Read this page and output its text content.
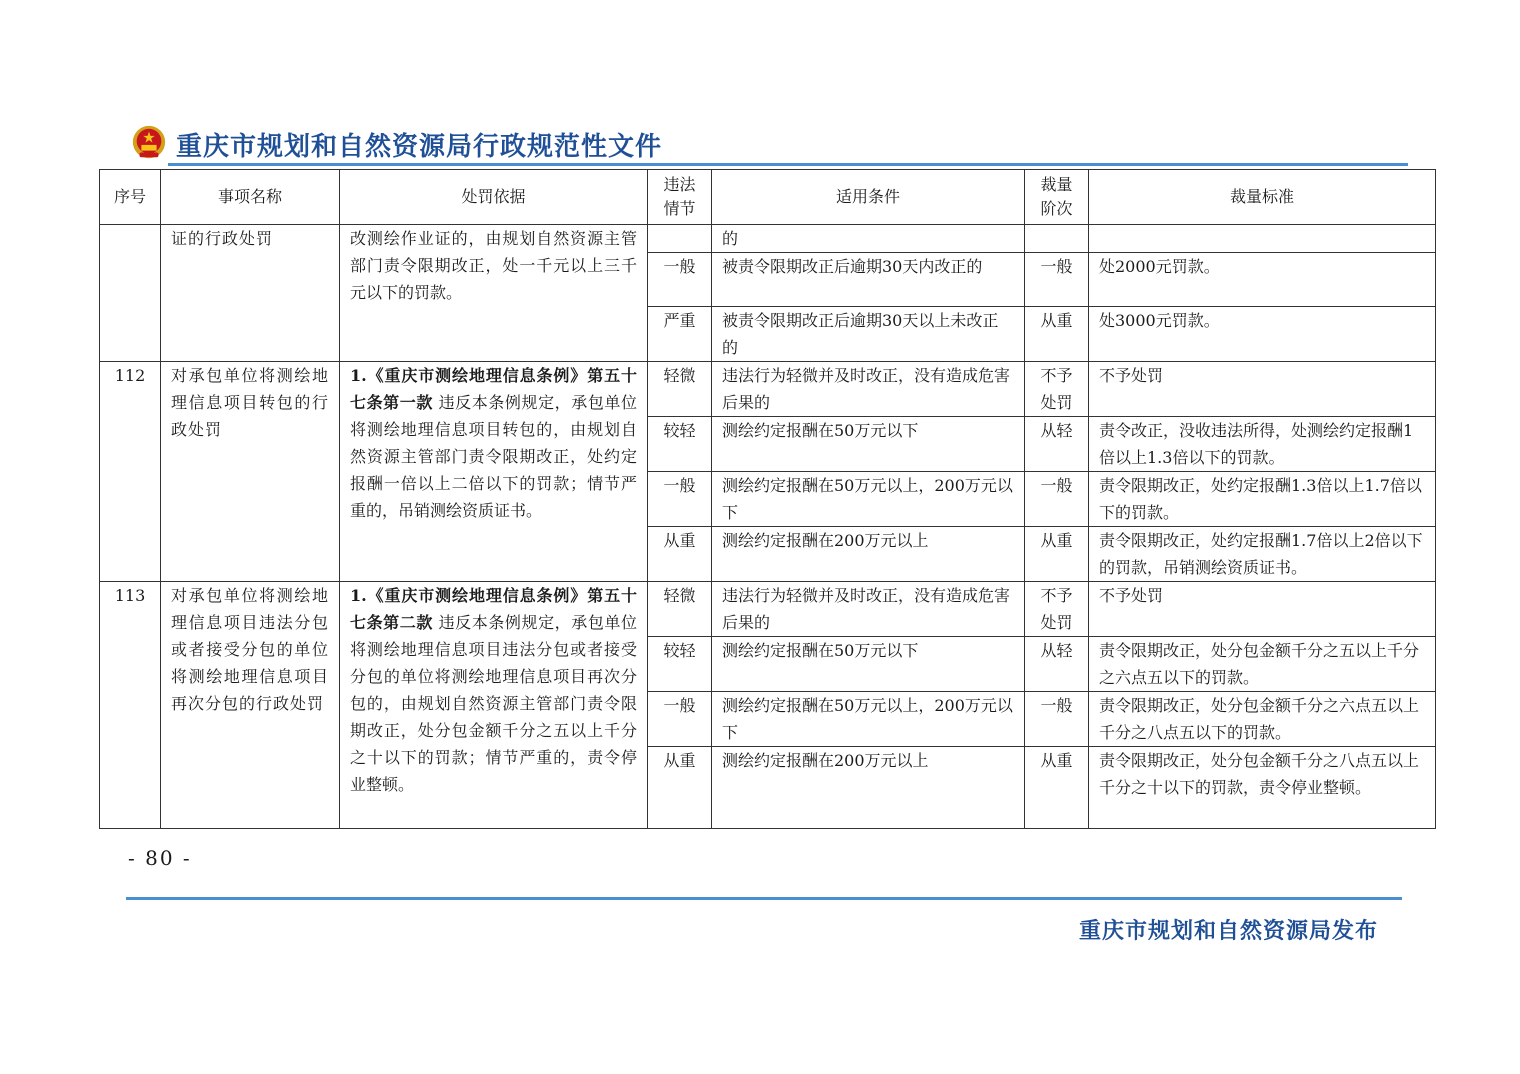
重庆市规划和自然资源局行政规范性文件
序号	事项名称	处罚依据	违法情节	适用条件	裁量阶次	裁量标准
	证的行政处罚	改测绘作业证的，由规划自然资源主管部门责令限期改正，处一千元以上三千元以下的罚款。		的		
			一般	被责令限期改正后逾期30天内改正的	一般	处2000元罚款。
			严重	被责令限期改正后逾期30天以上未改正的	从重	处3000元罚款。
112	对承包单位将测绘地理信息项目转包的行政处罚	1.《重庆市测绘地理信息条例》第五十七条第一款 违反本条例规定，承包单位将测绘地理信息项目转包的，由规划自然资源主管部门责令限期改正，处约定报酬一倍以上二倍以下的罚款；情节严重的，吊销测绘资质证书。	轻微	违法行为轻微并及时改正，没有造成危害后果的	不予处罚	不予处罚
			较轻	测绘约定报酬在50万元以下	从轻	责令改正，没收违法所得，处测绘约定报酬1倍以上1.3倍以下的罚款。
			一般	测绘约定报酬在50万元以上，200万元以下	一般	责令限期改正，处约定报酬1.3倍以上1.7倍以下的罚款。
			从重	测绘约定报酬在200万元以上	从重	责令限期改正，处约定报酬1.7倍以上2倍以下的罚款，吊销测绘资质证书。
113	对承包单位将测绘地理信息项目违法分包或者接受分包的单位将测绘地理信息项目再次分包的行政处罚	1.《重庆市测绘地理信息条例》第五十七条第二款 违反本条例规定，承包单位将测绘地理信息项目违法分包或者接受分包的单位将测绘地理信息项目再次分包的，由规划自然资源主管部门责令限期改正，处分包金额千分之五以上千分之十以下的罚款；情节严重的，责令停业整顿。	轻微	违法行为轻微并及时改正，没有造成危害后果的	不予处罚	不予处罚
			较轻	测绘约定报酬在50万元以下	从轻	责令限期改正，处分包金额千分之五以上千分之六点五以下的罚款。
			一般	测绘约定报酬在50万元以上，200万元以下	一般	责令限期改正，处分包金额千分之六点五以上千分之八点五以下的罚款。
			从重	测绘约定报酬在200万元以上	从重	责令限期改正，处分包金额千分之八点五以上千分之十以下的罚款，责令停业整顿。
- 80 -
重庆市规划和自然资源局发布
